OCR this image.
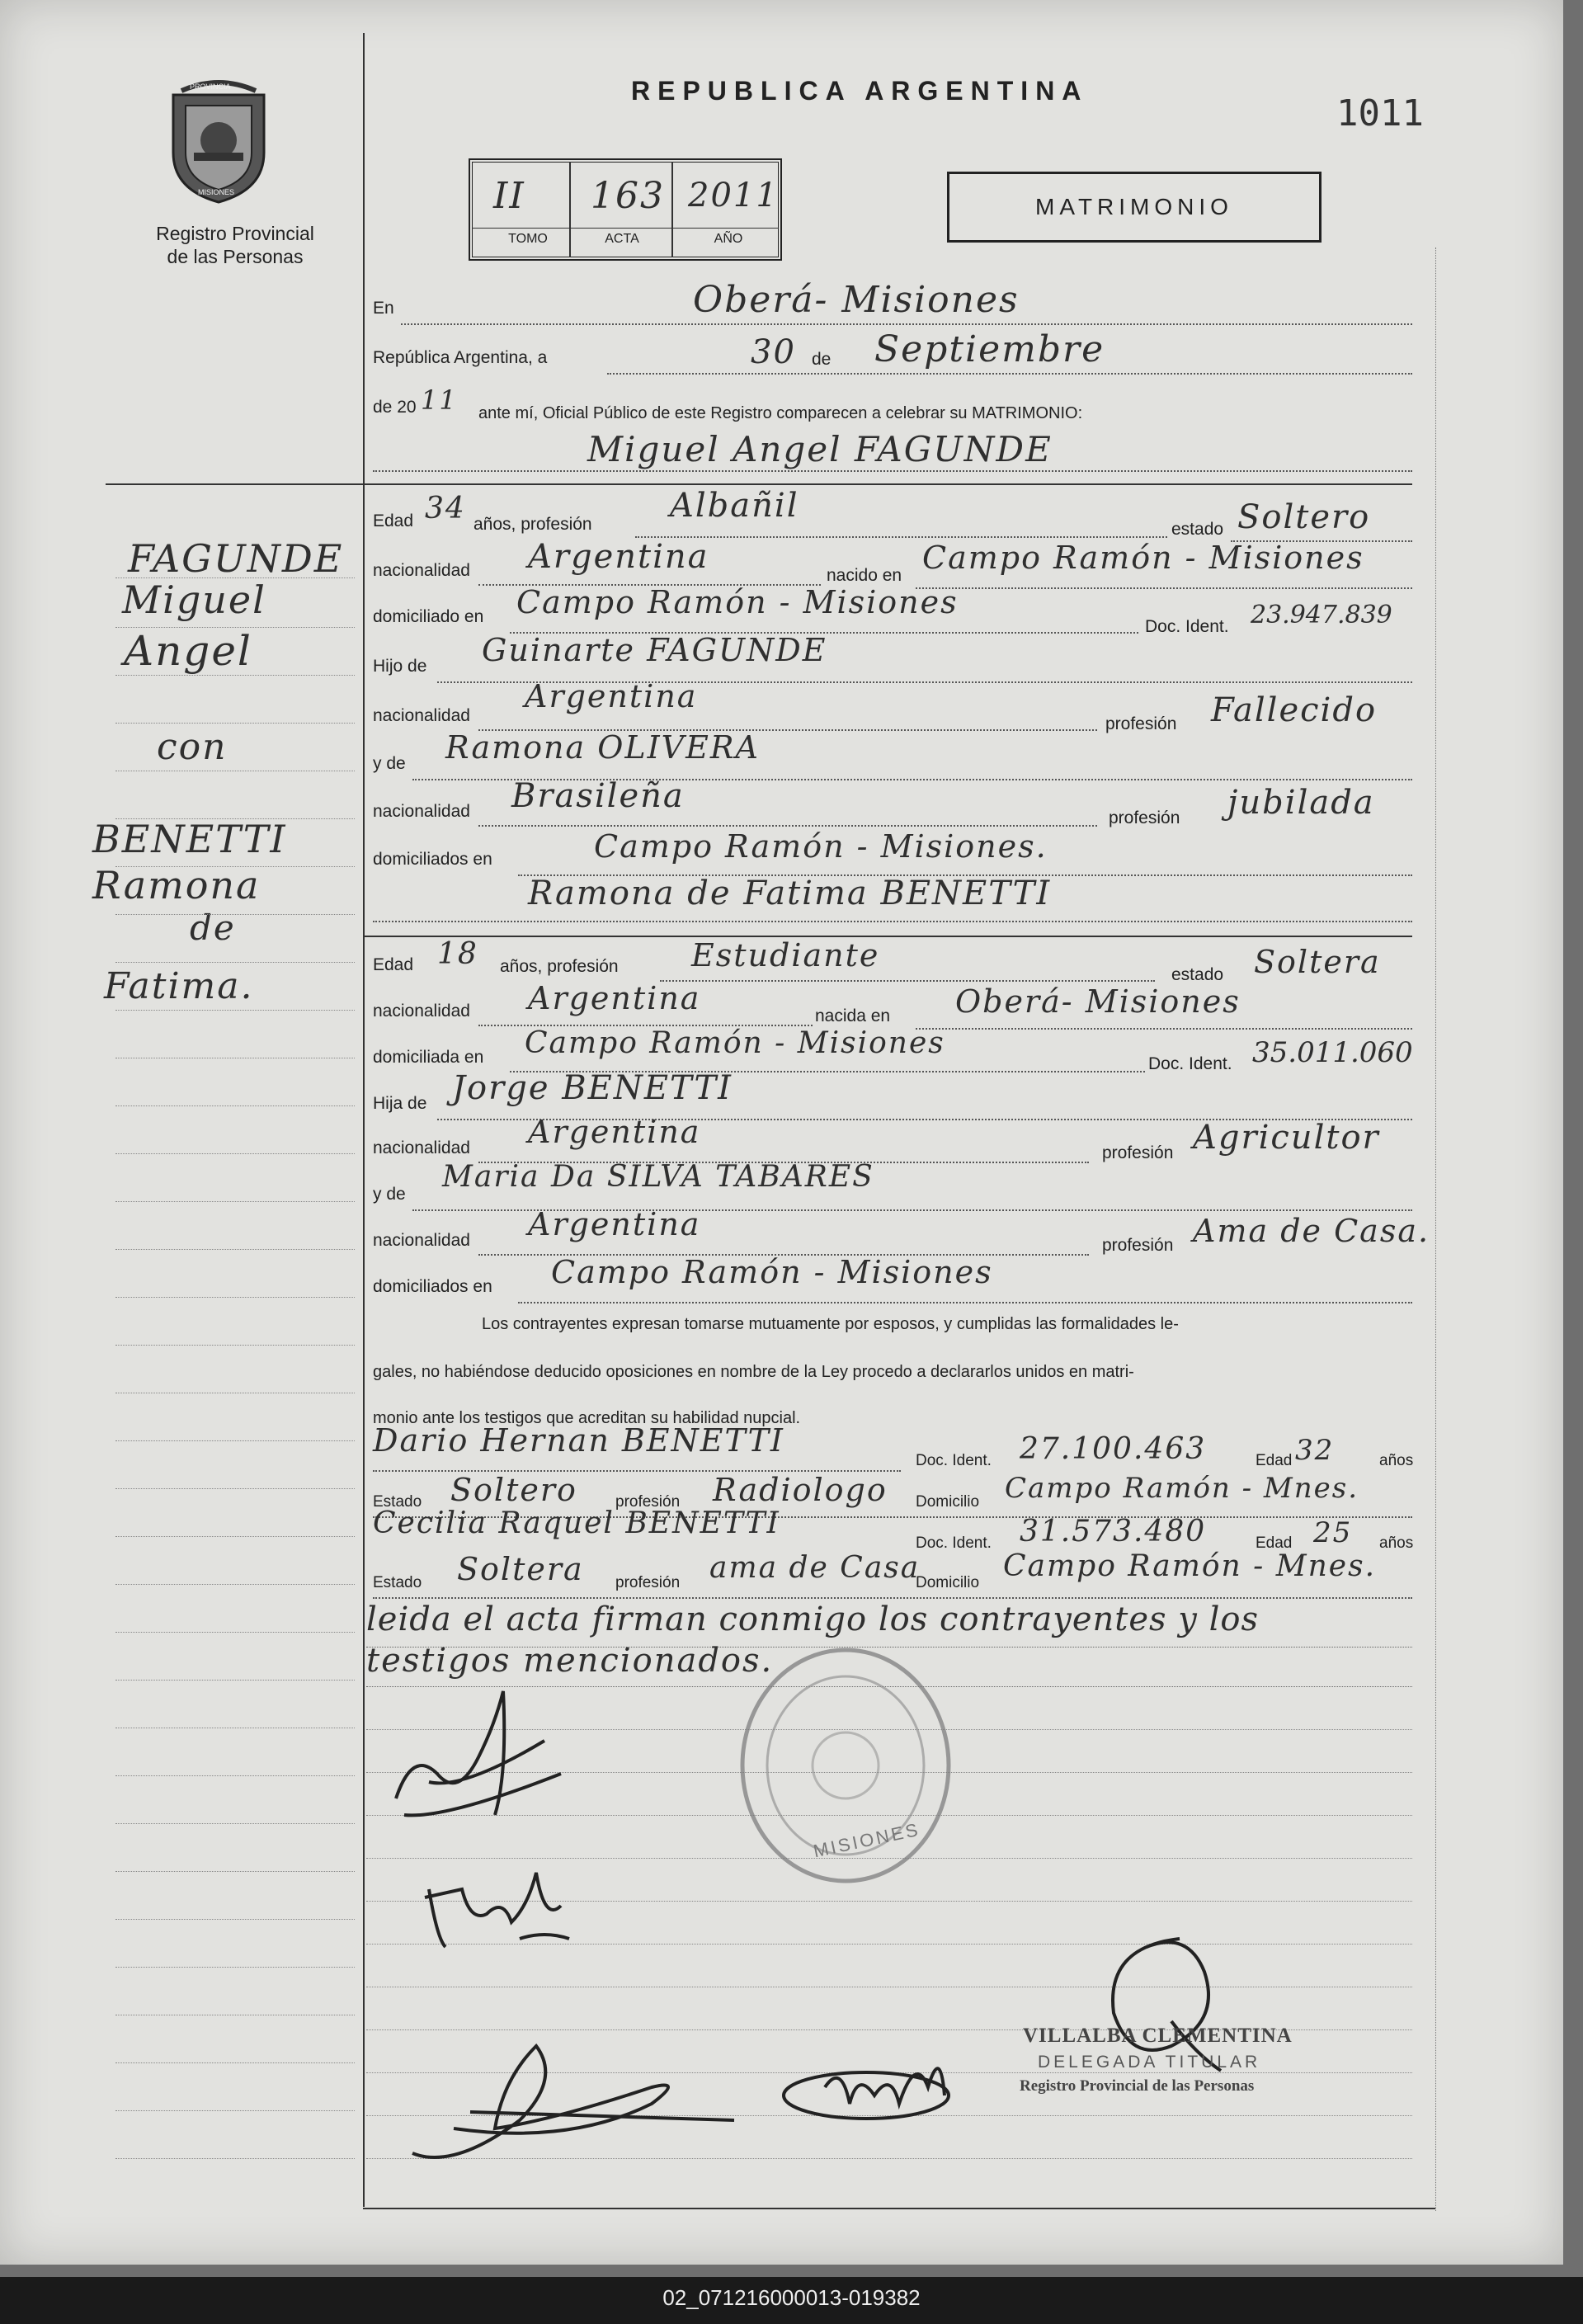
PROVINCIA
MISIONES
Registro Provincial
de las Personas
REPUBLICA ARGENTINA
1011
II 163 2011
TOMO	ACTA	AÑO
MATRIMONIO
En	Oberá- Misiones
República Argentina, a	30 de Septiembre
de 20 11 ante mí, Oficial Público de este Registro comparecen a celebrar su MATRIMONIO:
Miguel Angel FAGUNDE
Edad 34 años, profesión Albañil
estado Soltero
nacionalidad Argentina	nacido en Campo Ramón - Misiones
domiciliado en Campo Ramón - Misiones
Doc. Ident. 23.947.839
Hijo de Guinarte FAGUNDE
nacionalidad
Argentina
profesión Fallecido
y de Ramona OLIVERA
nacionalidad Brasileña
profesión jubilada
domiciliados en	Campo Ramón - Misiones.
Ramona de Fatima BENETTI
Edad 18 años, profesión Estudiante
estado Soltera
nacionalidad Argentina	nacida en Oberá- Misiones
domiciliada en Campo Ramón - Misiones
Doc. Ident. 35.011.060
Hija de Jorge BENETTI
nacionalidad Argentina
profesión Agricultor
y de
Maria Da SILVA TABARES
nacionalidad Argentina
profesión Ama de Casa.
domiciliados en Campo Ramón - Misiones
Los contrayentes expresan tomarse mutuamente por esposos, y cumplidas las formalidades le-
gales, no habiéndose deducido oposiciones en nombre de la Ley procedo a declararlos unidos en matri-
monio ante los testigos que acreditan su habilidad nupcial.
Dario Hernan BENETTI
Doc. Ident. 27.100.463	Edad 32	años
Estado Soltero profesión Radiologo Domicilio Campo Ramón - Mnes.
Cecilia Raquel BENETTI
Doc. Ident. 31.573.480	Edad 25 años
Estado Soltera profesión ama de Casa
Domicilio Campo Ramón - Mnes.
leida el acta firman conmigo los contrayentes y los
testigos mencionados.
MISIONES
VILLALBA CLEMENTINA
DELEGADA TITULAR
Registro Provincial de las Personas
FAGUNDE
Miguel
Angel
con
BENETTI
Ramona
de
Fatima.
02_071216000013-019382
